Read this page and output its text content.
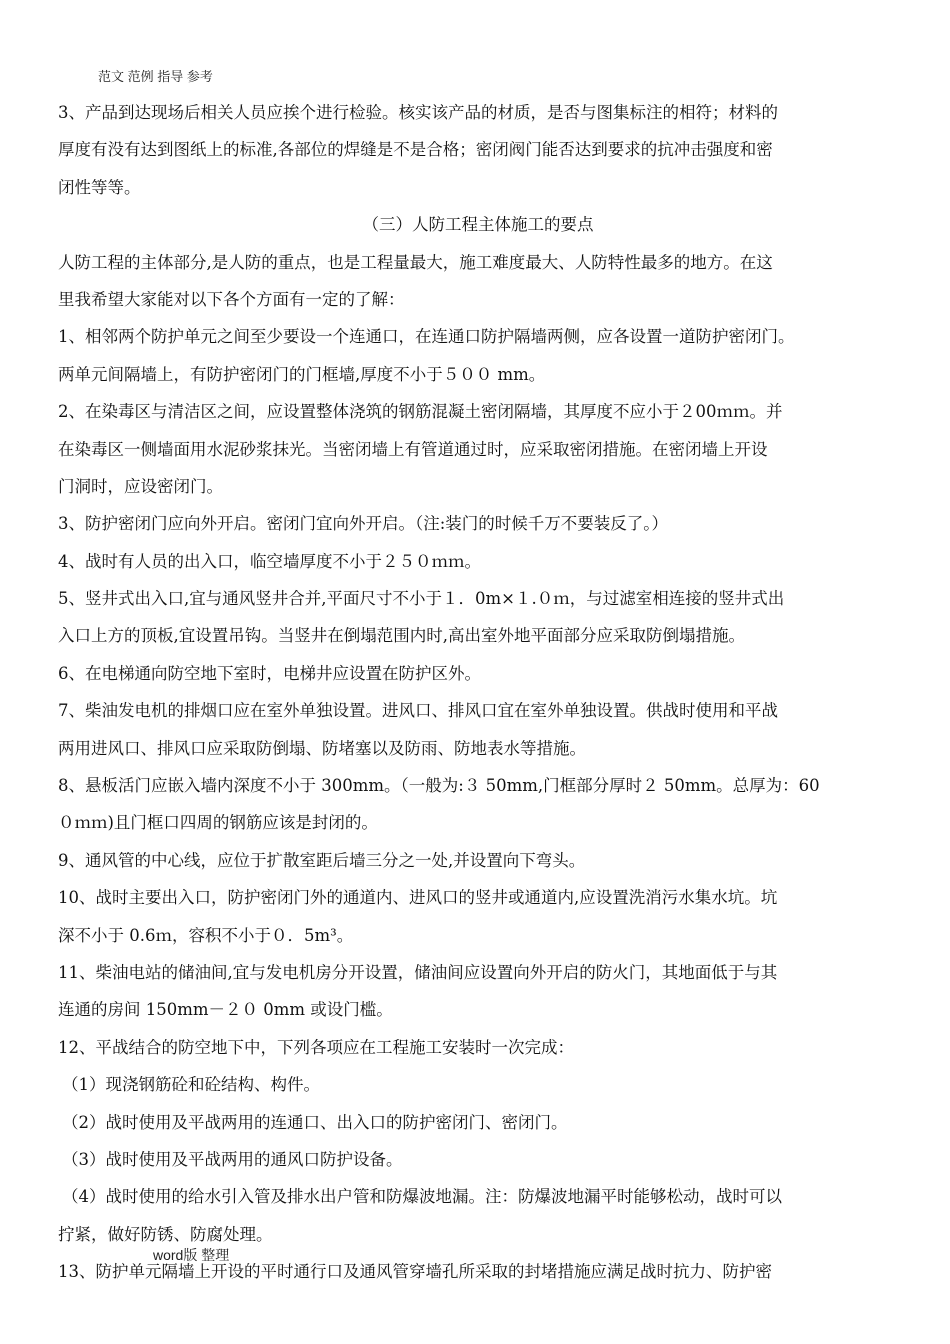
范文 范例 指导 参考
3、产品到达现场后相关人员应挨个进行检验。核实该产品的材质，是否与图集标注的相符；材料的
厚度有没有达到图纸上的标准,各部位的焊缝是不是合格；密闭阀门能否达到要求的抗冲击强度和密
闭性等等。
（三）人防工程主体施工的要点
人防工程的主体部分,是人防的重点，也是工程量最大，施工难度最大、人防特性最多的地方。在这
里我希望大家能对以下各个方面有一定的了解：
1、相邻两个防护单元之间至少要设一个连通口，在连通口防护隔墙两侧，应各设置一道防护密闭门。
两单元间隔墙上，有防护密闭门的门框墙,厚度不小于５００ mm。
2、在染毒区与清洁区之间，应设置整体浇筑的钢筋混凝土密闭隔墙，其厚度不应小于２00ｍｍ。并
在染毒区一侧墙面用水泥砂浆抹光。当密闭墙上有管道通过时，应采取密闭措施。在密闭墙上开设
门洞时，应设密闭门。
3、防护密闭门应向外开启。密闭门宜向外开启。（注:装门的时候千万不要装反了。）
4、战时有人员的出入口，临空墙厚度不小于２５０ｍｍ。
5、竖井式出入口,宜与通风竖井合并,平面尺寸不小于１．0m×１.０ｍ，与过滤室相连接的竖井式出
入口上方的顶板,宜设置吊钩。当竖井在倒塌范围内时,高出室外地平面部分应采取防倒塌措施。
6、在电梯通向防空地下室时，电梯井应设置在防护区外。
7、柴油发电机的排烟口应在室外单独设置。进风口、排风口宜在室外单独设置。供战时使用和平战
两用进风口、排风口应采取防倒塌、防堵塞以及防雨、防地表水等措施。
8、悬板活门应嵌入墙内深度不小于 300mm。（一般为:３ 50mm,门框部分厚时２ 50mm。总厚为：60
０ｍｍ)且门框口四周的钢筋应该是封闭的。
9、通风管的中心线，应位于扩散室距后墙三分之一处,并设置向下弯头。
10、战时主要出入口，防护密闭门外的通道内、进风口的竖井或通道内,应设置洗消污水集水坑。坑
深不小于 0.6ｍ，容积不小于０．5m³。
11、柴油电站的储油间,宜与发电机房分开设置，储油间应设置向外开启的防火门，其地面低于与其
连通的房间 150mm－２０ 0mm 或设门槛。
12、平战结合的防空地下中，下列各项应在工程施工安装时一次完成：
（1）现浇钢筋砼和砼结构、构件。
（2）战时使用及平战两用的连通口、出入口的防护密闭门、密闭门。
（3）战时使用及平战两用的通风口防护设备。
（4）战时使用的给水引入管及排水出户管和防爆波地漏。注：防爆波地漏平时能够松动，战时可以
拧紧，做好防锈、防腐处理。
13、防护单元隔墙上开设的平时通行口及通风管穿墙孔所采取的封堵措施应满足战时抗力、防护密
word版 整理
